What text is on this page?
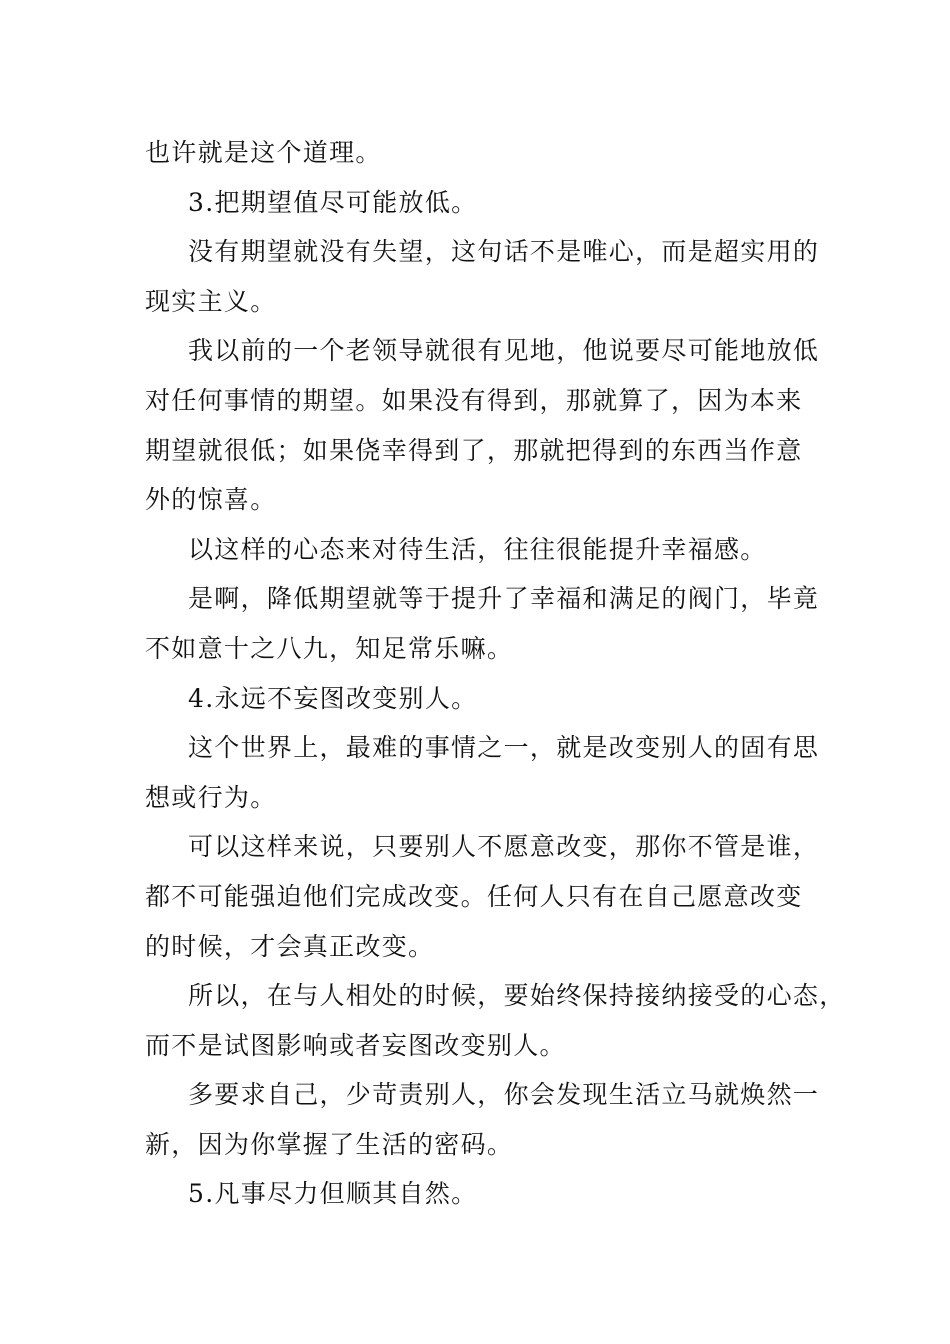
也许就是这个道理。
3.把期望值尽可能放低。
没有期望就没有失望，这句话不是唯心，而是超实用的
现实主义。
我以前的一个老领导就很有见地，他说要尽可能地放低
对任何事情的期望。如果没有得到，那就算了，因为本来
期望就很低；如果侥幸得到了，那就把得到的东西当作意
外的惊喜。
以这样的心态来对待生活，往往很能提升幸福感。
是啊，降低期望就等于提升了幸福和满足的阀门，毕竟
不如意十之八九，知足常乐嘛。
4.永远不妄图改变别人。
这个世界上，最难的事情之一，就是改变别人的固有思
想或行为。
可以这样来说，只要别人不愿意改变，那你不管是谁，
都不可能强迫他们完成改变。任何人只有在自己愿意改变
的时候，才会真正改变。
所以，在与人相处的时候，要始终保持接纳接受的心态，
而不是试图影响或者妄图改变别人。
多要求自己，少苛责别人，你会发现生活立马就焕然一
新，因为你掌握了生活的密码。
5.凡事尽力但顺其自然。
